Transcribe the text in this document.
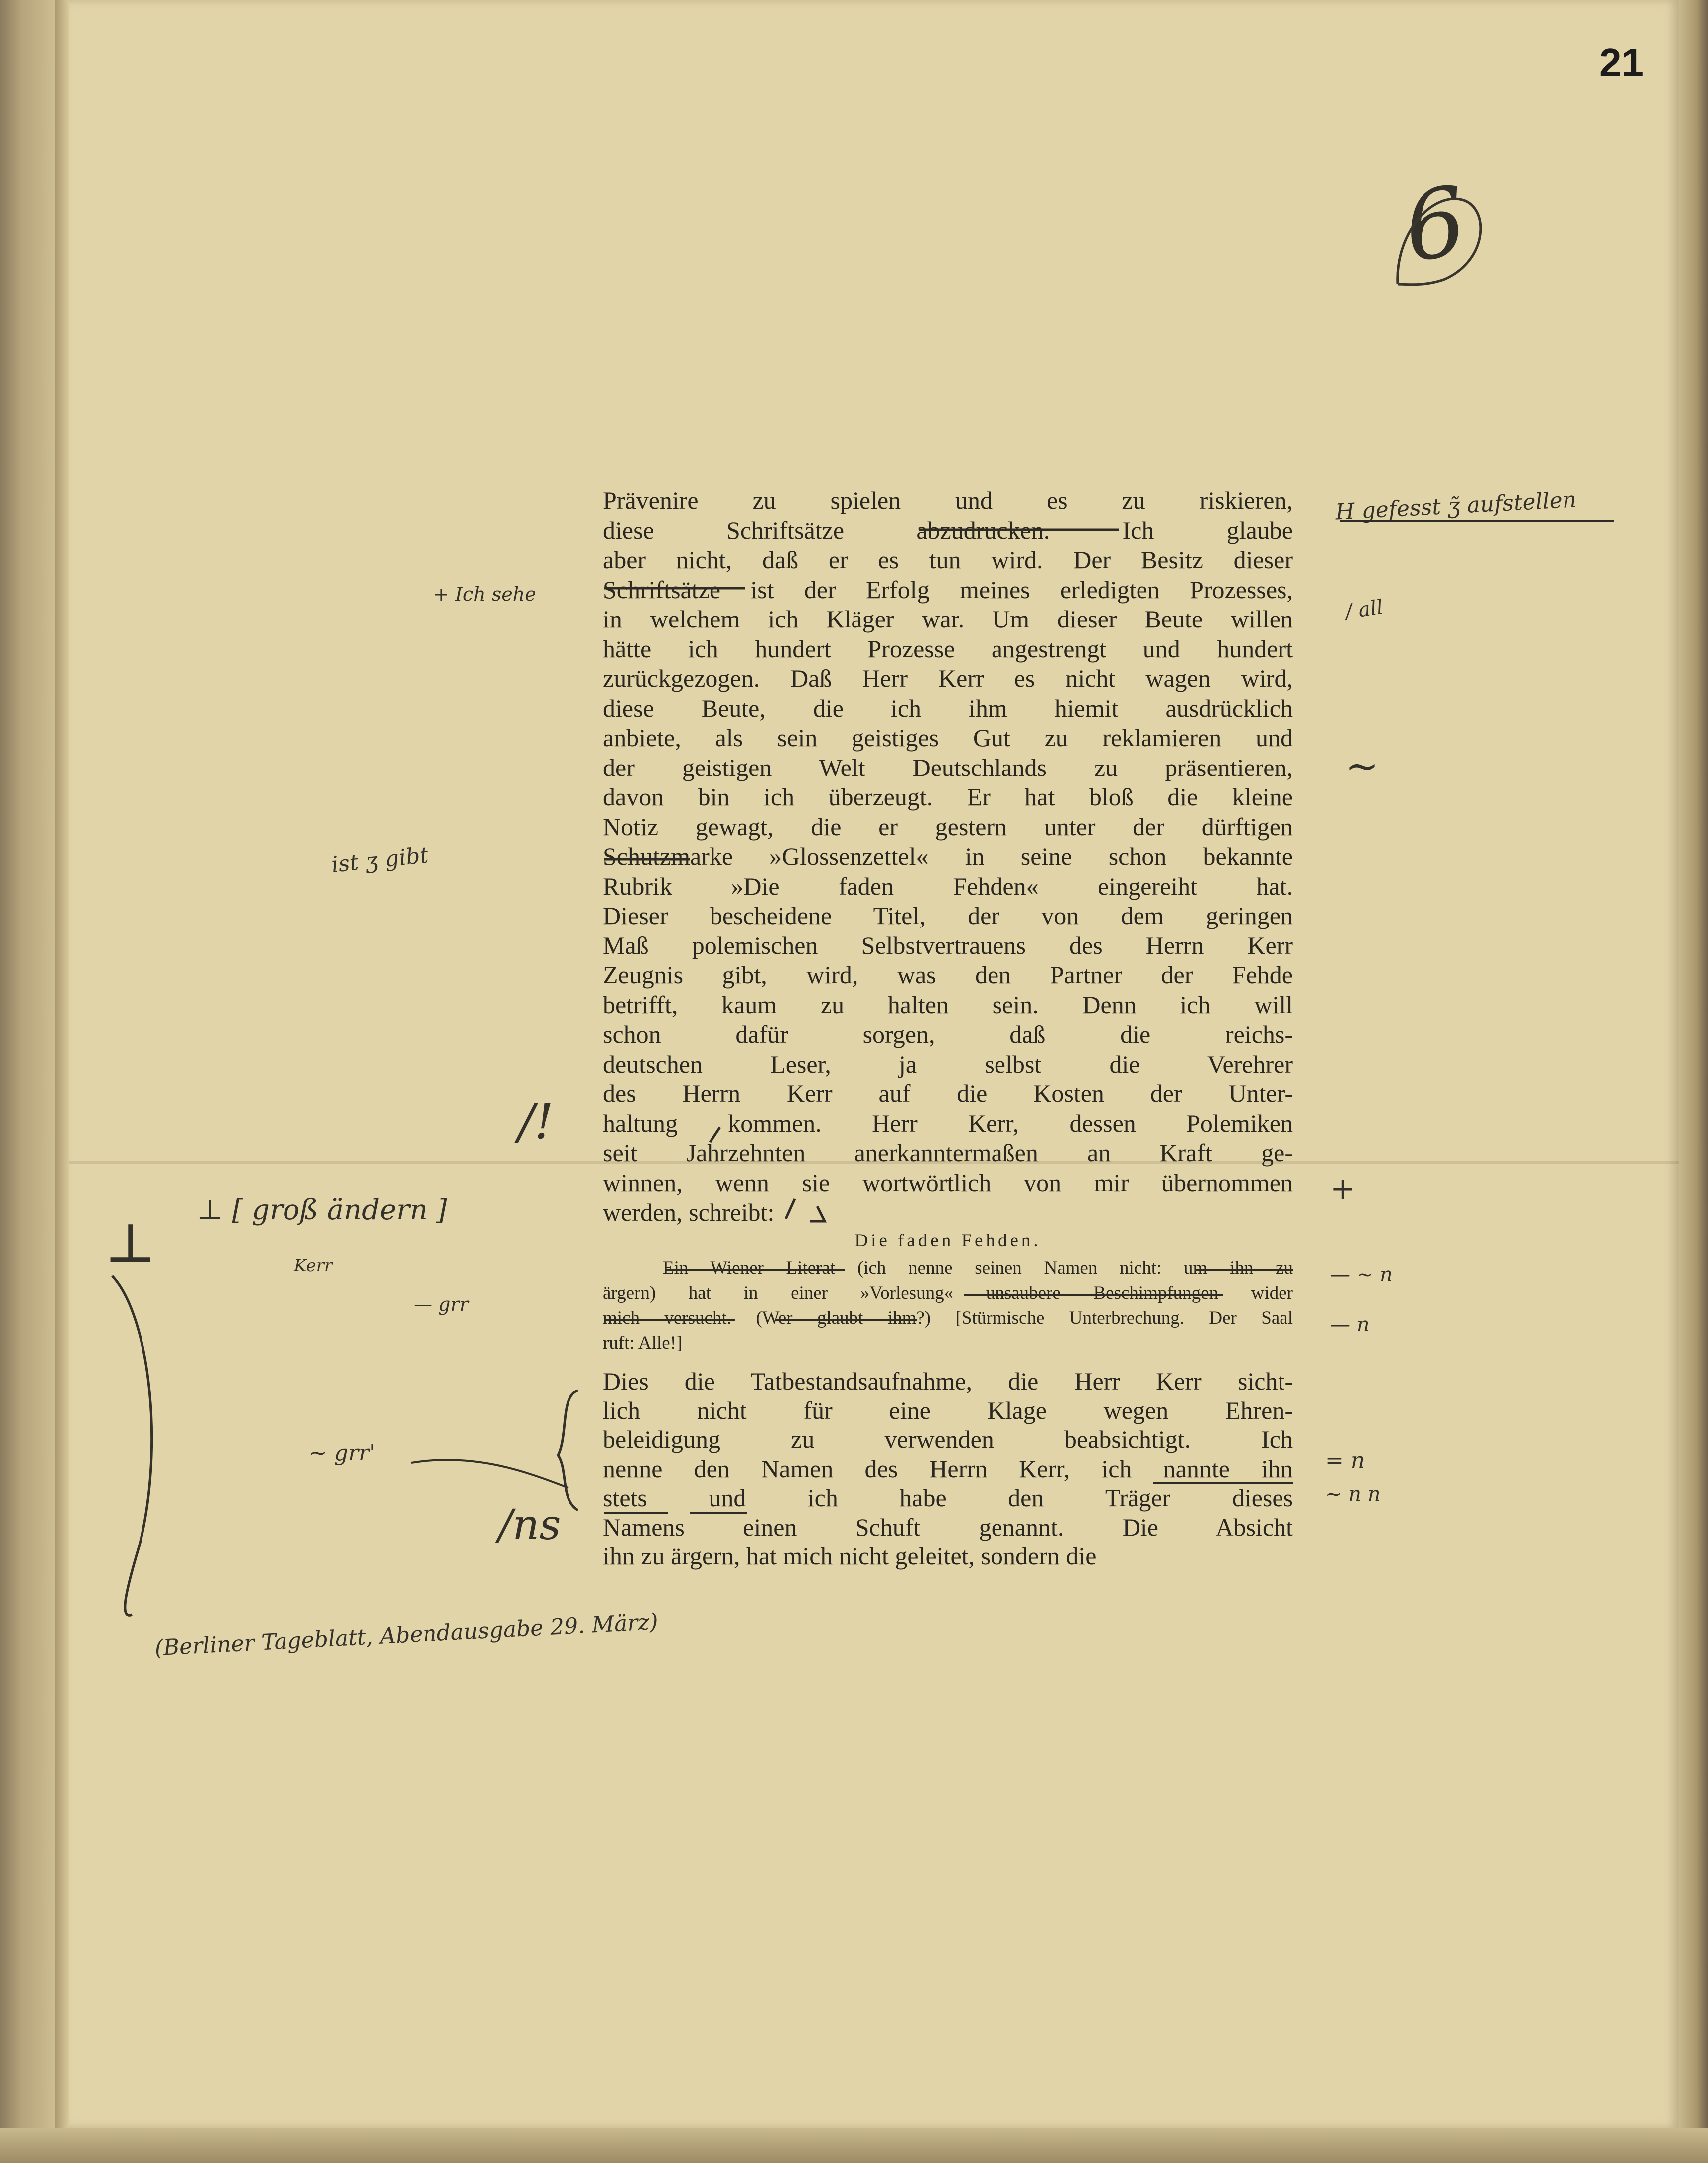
21

Prävenire zu spielen und es zu riskieren,

diese Schriftsätze abzudrucken. Ich glaube

aber nicht, daß er es tun wird. Der Besitz dieser

Schriftsätze ist der Erfolg meines erledigten Prozesses,

in welchem ich Kläger war. Um dieser Beute willen

hätte ich hundert Prozesse angestrengt und hundert

zurückgezogen. Daß Herr Kerr es nicht wagen wird,

diese Beute, die ich ihm hiemit ausdrücklich

anbiete, als sein geistiges Gut zu reklamieren und

der geistigen Welt Deutschlands zu präsentieren,

davon bin ich überzeugt. Er hat bloß die kleine

Notiz gewagt, die er gestern unter der dürftigen

Schutzmarke »Glossenzettel« in seine schon bekannte

Rubrik »Die faden Fehden« eingereiht hat.

Dieser bescheidene Titel, der von dem geringen

Maß polemischen Selbstvertrauens des Herrn Kerr

Zeugnis gibt, wird, was den Partner der Fehde

betrifft, kaum zu halten sein. Denn ich will

schon dafür sorgen, daß die reichs-

deutschen Leser, ja selbst die Verehrer

des Herrn Kerr auf die Kosten der Unter-

haltung kommen. Herr Kerr, dessen Polemiken

seit Jahrzehnten anerkanntermaßen an Kraft ge-

winnen, wenn sie wortwörtlich von mir übernommen

werden, schreibt:

Die faden Fehden.

Ein Wiener Literat (ich nenne seinen Namen nicht: um ihn zu

ärgern) hat in einer »Vorlesung« unsaubere Beschimpfungen wider

mich versucht. (Wer glaubt ihm?) [Stürmische Unterbrechung. Der Saal

ruft: Alle!]

Dies die Tatbestandsaufnahme, die Herr Kerr sicht-

lich nicht für eine Klage wegen Ehren-

beleidigung zu verwenden beabsichtigt. Ich

nenne den Namen des Herrn Kerr, ich nannte ihn

stets und ich habe den Träger dieses

Namens einen Schuft genannt. Die Absicht

ihn zu ärgern, hat mich nicht geleitet, sondern die

6

H gefesst ʒ̃ aufstellen

/ all

~

+

— ~ n

— n

= n

~ n n

+ Ich sehe

ist ʒ gibt

/!

⊥ [ groß ändern ]

Kerr

— grr

⊥

~ grr'

/ns

(Berliner Tageblatt, Abendausgabe 29. März)
